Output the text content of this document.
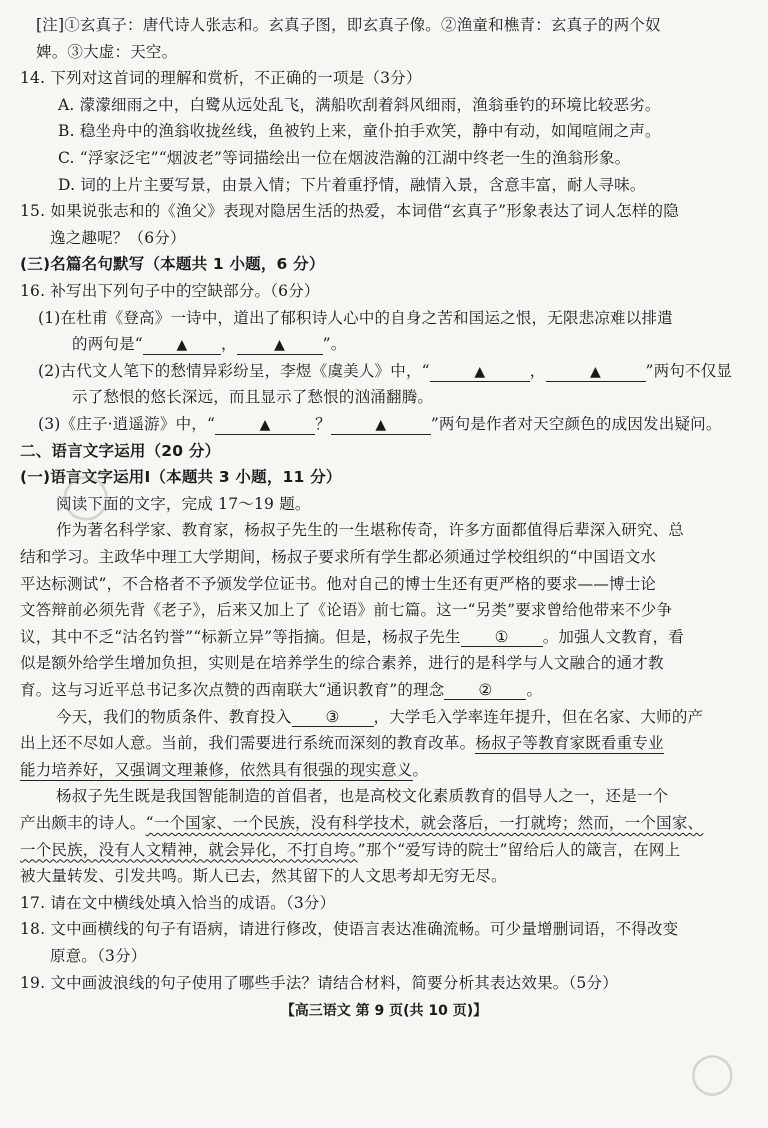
[注]①玄真子：唐代诗人张志和。玄真子图，即玄真子像。②渔童和樵青：玄真子的两个奴
婢。③大虚：天空。
14. 下列对这首词的理解和赏析，不正确的一项是（3分）
A. 濛濛细雨之中，白鹭从远处乱飞，满船吹刮着斜风细雨，渔翁垂钓的环境比较恶劣。
B. 稳坐舟中的渔翁收拢丝线，鱼被钓上来，童仆拍手欢笑，静中有动，如闻喧闹之声。
C. “浮家泛宅”“烟波老”等词描绘出一位在烟波浩瀚的江湖中终老一生的渔翁形象。
D. 词的上片主要写景，由景入情；下片着重抒情，融情入景，含意丰富，耐人寻味。
15. 如果说张志和的《渔父》表现对隐居生活的热爱，本词借“玄真子”形象表达了词人怎样的隐
逸之趣呢？（6分）
(三)名篇名句默写（本题共 1 小题，6 分）
16. 补写出下列句子中的空缺部分。（6分）
(1)在杜甫《登高》一诗中，道出了郁积诗人心中的自身之苦和国运之恨，无限悲凉难以排遣
的两句是“ ▲ ，	▲ ”。
(2)古代文人笔下的愁情异彩纷呈，李煜《虞美人》中，“	▲	，	▲	”两句不仅显
示了愁恨的悠长深远，而且显示了愁恨的汹涌翻腾。
(3)《庄子·逍遥游》中，“	▲	？	▲	”两句是作者对天空颜色的成因发出疑问。
二、语言文字运用（20 分）
(一)语言文字运用Ⅰ（本题共 3 小题，11 分）
阅读下面的文字，完成 17～19 题。
作为著名科学家、教育家，杨叔子先生的一生堪称传奇，许多方面都值得后辈深入研究、总
结和学习。主政华中理工大学期间，杨叔子要求所有学生都必须通过学校组织的“中国语文水
平达标测试”，不合格者不予颁发学位证书。他对自己的博士生还有更严格的要求——博士论
文答辩前必须先背《老子》，后来又加上了《论语》前七篇。这一“另类”要求曾给他带来不少争
议，其中不乏“沽名钓誉”“标新立异”等指摘。但是，杨叔子先生 ① 。加强人文教育，看
似是额外给学生增加负担，实则是在培养学生的综合素养，进行的是科学与人文融合的通才教
育。这与习近平总书记多次点赞的西南联大“通识教育”的理念 ② 。
今天，我们的物质条件、教育投入 ③ ，大学毛入学率连年提升，但在名家、大师的产
出上还不尽如人意。当前，我们需要进行系统而深刻的教育改革。杨叔子等教育家既看重专业
能力培养好，又强调文理兼修，依然具有很强的现实意义。
杨叔子先生既是我国智能制造的首倡者，也是高校文化素质教育的倡导人之一，还是一个
产出颇丰的诗人。“一个国家、一个民族，没有科学技术，就会落后，一打就垮；然而，一个国家、
一个民族，没有人文精神，就会异化，不打自垮。”那个“爱写诗的院士”留给后人的箴言，在网上
被大量转发、引发共鸣。斯人已去，然其留下的人文思考却无穷无尽。
17. 请在文中横线处填入恰当的成语。（3分）
【高三语文 第 9 页(共 10 页)】
◯
◯
18. 文中画横线的句子有语病，请进行修改，使语言表达准确流畅。可少量增删词语，不得改变
原意。（3分）
19. 文中画波浪线的句子使用了哪些手法？请结合材料，简要分析其表达效果。（5分）
